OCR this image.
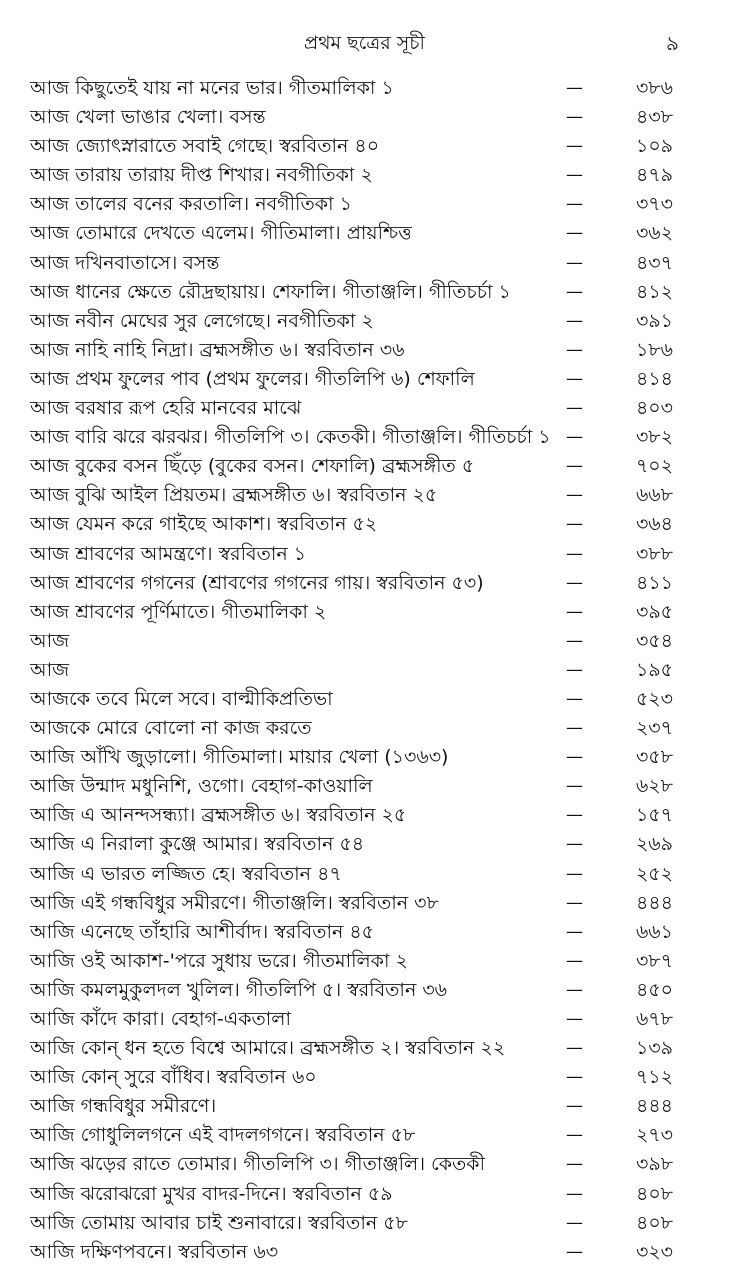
প্রথম ছত্রের সূচী	৯
আজ কিছুতেই যায় না মনের ভার। গীতমালিকা ১	—	৩৮৬
আজ খেলা ভাঙার খেলা। বসন্ত	—	৪৩৮
আজ জ্যোৎস্নারাতে সবাই গেছে। স্বরবিতান ৪০	—	১০৯
আজ তারায় তারায় দীপ্ত শিখার। নবগীতিকা ২	—	৪৭৯
আজ তালের বনের করতালি। নবগীতিকা ১	—	৩৭৩
আজ তোমারে দেখতে এলেম। গীতিমালা। প্রায়শ্চিত্ত	—	৩৬২
আজ দখিনবাতাসে। বসন্ত	—	৪৩৭
আজ ধানের ক্ষেতে রৌদ্রছায়ায়। শেফালি। গীতাঞ্জলি। গীতিচর্চা ১	—	৪১২
আজ নবীন মেঘের সুর লেগেছে। নবগীতিকা ২	—	৩৯১
আজ নাহি নাহি নিদ্রা। ব্রহ্মসঙ্গীত ৬। স্বরবিতান ৩৬	—	১৮৬
আজ প্রথম ফুলের পাব (প্রথম ফুলের। গীতলিপি ৬) শেফালি	—	৪১৪
আজ বরষার রূপ হেরি মানবের মাঝে	—	৪০৩
আজ বারি ঝরে ঝরঝর। গীতলিপি ৩। কেতকী। গীতাঞ্জলি। গীতিচর্চা ১ —	৩৮২
আজ বুকের বসন ছিঁড়ে (বুকের বসন। শেফালি) ব্রহ্মসঙ্গীত ৫	—	৭০২
আজ বুঝি আইল প্রিয়তম। ব্রহ্মসঙ্গীত ৬। স্বরবিতান ২৫	—	৬৬৮
আজ যেমন করে গাইছে আকাশ। স্বরবিতান ৫২	—	৩৬৪
আজ শ্রাবণের আমন্ত্রণে। স্বরবিতান ১	—	৩৮৮
আজ শ্রাবণের গগনের (শ্রাবণের গগনের গায়। স্বরবিতান ৫৩)	—	৪১১
আজ শ্রাবণের পূর্ণিমাতে। গীতমালিকা ২	—	৩৯৫
আজ	—	৩৫৪
আজ	—	১৯৫
আজকে তবে মিলে সবে। বাল্মীকিপ্রতিভা	—	৫২৩
আজকে মোরে বোলো না কাজ করতে	—	২৩৭
আজি আঁখি জুড়ালো। গীতিমালা। মায়ার খেলা (১৩৬৩)	—	৩৫৮
আজি উন্মাদ মধুনিশি, ওগো। বেহাগ-কাওয়ালি	—	৬২৮
আজি এ আনন্দসন্ধ্যা। ব্রহ্মসঙ্গীত ৬। স্বরবিতান ২৫	—	১৫৭
আজি এ নিরালা কুঞ্জে আমার। স্বরবিতান ৫৪	—	২৬৯
আজি এ ভারত লজ্জিত হে। স্বরবিতান ৪৭	—	২৫২
আজি এই গন্ধবিধুর সমীরণে। গীতাঞ্জলি। স্বরবিতান ৩৮	—	৪৪৪
আজি এনেছে তাঁহারি আশীর্বাদ। স্বরবিতান ৪৫	—	৬৬১
আজি ওই আকাশ-'পরে সুধায় ভরে। গীতমালিকা ২	—	৩৮৭
আজি কমলমুকুলদল খুলিল। গীতলিপি ৫। স্বরবিতান ৩৬	—	৪৫০
আজি কাঁদে কারা। বেহাগ-একতালা	—	৬৭৮
আজি কোন্ ধন হতে বিশ্বে আমারে। ব্রহ্মসঙ্গীত ২। স্বরবিতান ২২	—	১৩৯
আজি কোন্ সুরে বাঁধিব। স্বরবিতান ৬০	—	৭১২
আজি গন্ধবিধুর সমীরণে।	—	৪৪৪
আজি গোধুলিলগনে এই বাদলগগনে। স্বরবিতান ৫৮	—	২৭৩
আজি ঝড়ের রাতে তোমার। গীতলিপি ৩। গীতাঞ্জলি। কেতকী	—	৩৯৮
আজি ঝরোঝরো মুখর বাদর-দিনে। স্বরবিতান ৫৯	—	৪০৮
আজি তোমায় আবার চাই শুনাবারে। স্বরবিতান ৫৮	—	৪০৮
আজি দক্ষিণপবনে। স্বরবিতান ৬৩	—	৩২৩
